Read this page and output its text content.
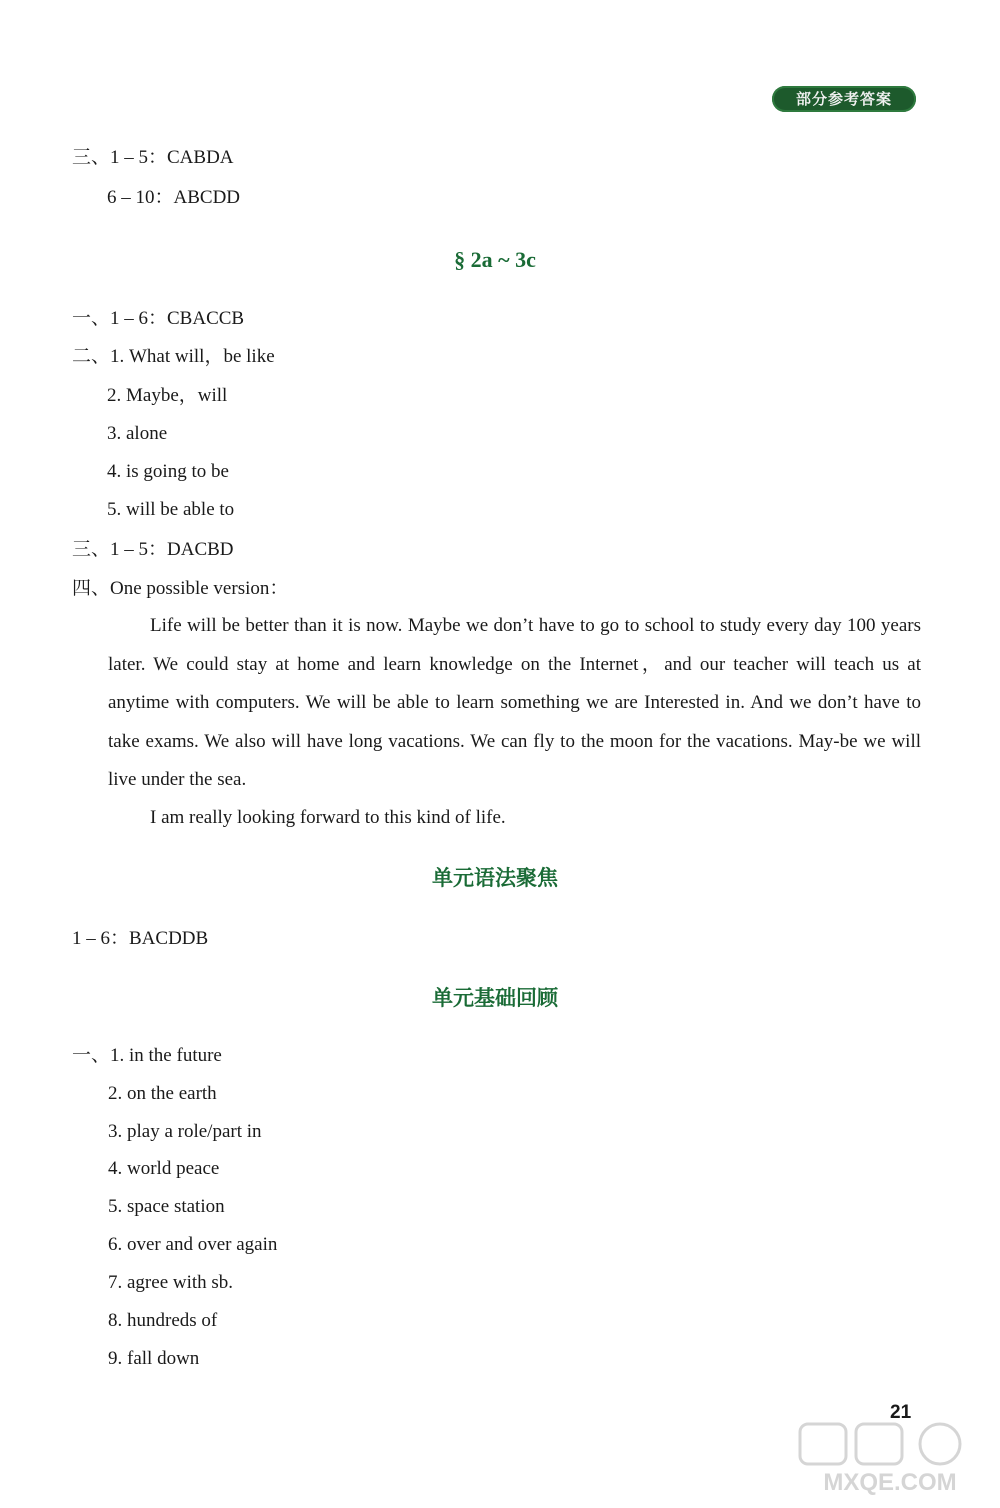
部分参考答案
三、1 – 5：CABDA
6 – 10：ABCDD
§ 2a ~ 3c
一、1 – 6：CBACCB
二、1. What will，be like
2. Maybe，will
3. alone
4. is going to be
5. will be able to
三、1 – 5：DACBD
四、One possible version：
Life will be better than it is now. Maybe we don’t have to go to school to study every day 100 years later. We could stay at home and learn knowledge on the Internet，and our teacher will teach us at anytime with computers. We will be able to learn something we are Interested in. And we don’t have to take exams. We also will have long vacations. We can fly to the moon for the vacations. May-be we will live under the sea.
I am really looking forward to this kind of life.
单元语法聚焦
1 – 6：BACDDB
单元基础回顾
一、1. in the future
2. on the earth
3. play a role/part in
4. world peace
5. space station
6. over and over again
7. agree with sb.
8. hundreds of
9. fall down
21
MXQE.COM
